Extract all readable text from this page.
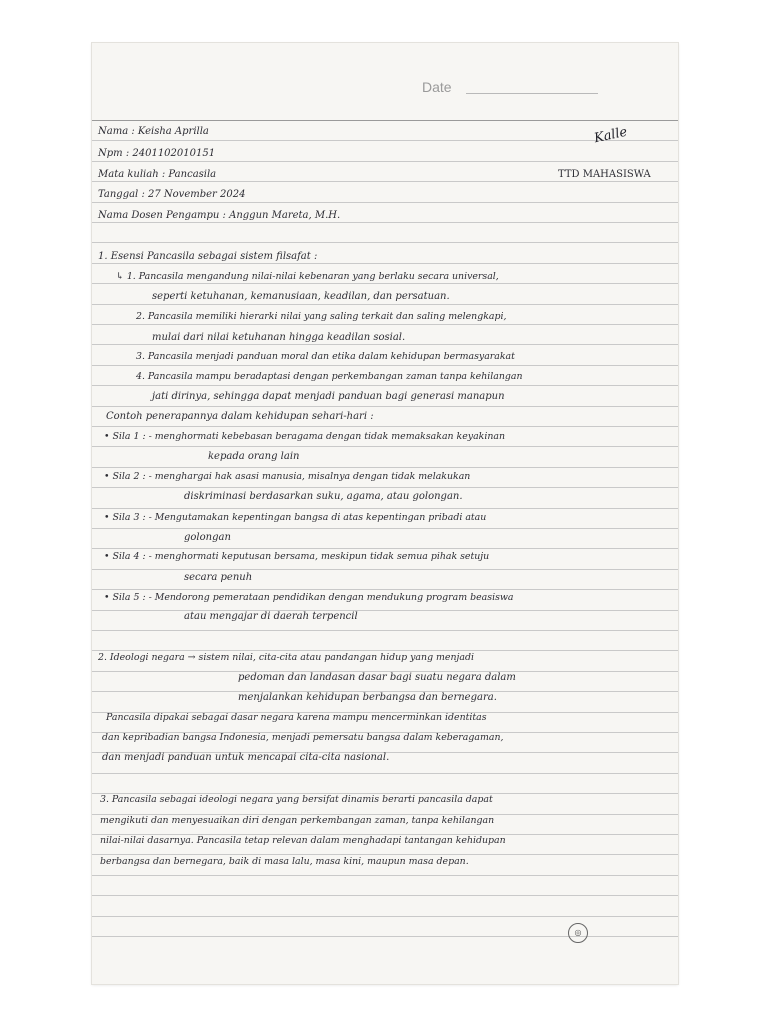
Date
Nama : Keisha Aprilla
Npm : 2401102010151
Mata kuliah : Pancasila	TTD MAHASISWA
Tanggal : 27 November 2024
Nama Dosen Pengampu : Anggun Mareta, M.H.
Kalle
1. Esensi Pancasila sebagai sistem filsafat :
↳ 1. Pancasila mengandung nilai-nilai kebenaran yang berlaku secara universal,
seperti ketuhanan, kemanusiaan, keadilan, dan persatuan.
2. Pancasila memiliki hierarki nilai yang saling terkait dan saling melengkapi,
mulai dari nilai ketuhanan hingga keadilan sosial.
3. Pancasila menjadi panduan moral dan etika dalam kehidupan bermasyarakat
4. Pancasila mampu beradaptasi dengan perkembangan zaman tanpa kehilangan
jati dirinya, sehingga dapat menjadi panduan bagi generasi manapun
Contoh penerapannya dalam kehidupan sehari-hari :
• Sila 1 : - menghormati kebebasan beragama dengan tidak memaksakan keyakinan
kepada orang lain
• Sila 2 : - menghargai hak asasi manusia, misalnya dengan tidak melakukan
diskriminasi berdasarkan suku, agama, atau golongan.
• Sila 3 : - Mengutamakan kepentingan bangsa di atas kepentingan pribadi atau
golongan
• Sila 4 : - menghormati keputusan bersama, meskipun tidak semua pihak setuju
secara penuh
• Sila 5 : - Mendorong pemerataan pendidikan dengan mendukung program beasiswa
atau mengajar di daerah terpencil
2. Ideologi negara → sistem nilai, cita-cita atau pandangan hidup yang menjadi
pedoman dan landasan dasar bagi suatu negara dalam
menjalankan kehidupan berbangsa dan bernegara.
Pancasila dipakai sebagai dasar negara karena mampu mencerminkan identitas
dan kepribadian bangsa Indonesia, menjadi pemersatu bangsa dalam keberagaman,
dan menjadi panduan untuk mencapai cita-cita nasional.
3. Pancasila sebagai ideologi negara yang bersifat dinamis berarti pancasila dapat
mengikuti dan menyesuaikan diri dengan perkembangan zaman, tanpa kehilangan
nilai-nilai dasarnya. Pancasila tetap relevan dalam menghadapi tantangan kehidupan
berbangsa dan bernegara, baik di masa lalu, masa kini, maupun masa depan.
◎
